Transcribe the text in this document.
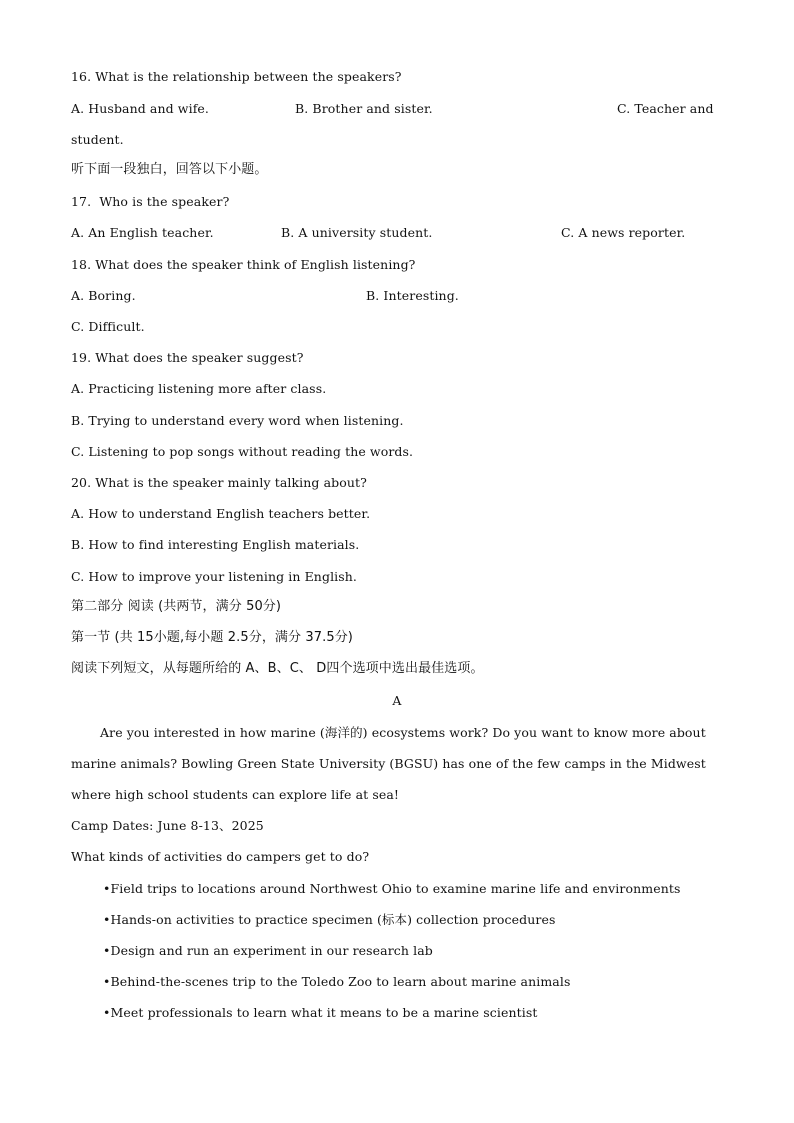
16. What is the relationship between the speakers?
A. Husband and wife.	B. Brother and sister.	C. Teacher and
student.
听下面一段独白，回答以下小题。
17.  Who is the speaker?
A. An English teacher.	B. A university student.	C. A news reporter.
18. What does the speaker think of English listening?
A. Boring.	B. Interesting.
C. Difficult.
19. What does the speaker suggest?
A. Practicing listening more after class.
B. Trying to understand every word when listening.
C. Listening to pop songs without reading the words.
20. What is the speaker mainly talking about?
A. How to understand English teachers better.
B. How to find interesting English materials.
C. How to improve your listening in English.
第二部分 阅读 (共两节，满分 50分)
第一节 (共 15小题,每小题 2.5分，满分 37.5分)
阅读下列短文，从每题所给的 A、B、C、 D四个选项中选出最佳选项。
A
Are you interested in how marine (海洋的) ecosystems work? Do you want to know more about
marine animals? Bowling Green State University (BGSU) has one of the few camps in the Midwest
where high school students can explore life at sea!
Camp Dates: June 8-13、2025
What kinds of activities do campers get to do?
•Field trips to locations around Northwest Ohio to examine marine life and environments
•Hands-on activities to practice specimen (标本) collection procedures
•Design and run an experiment in our research lab
•Behind-the-scenes trip to the Toledo Zoo to learn about marine animals
•Meet professionals to learn what it means to be a marine scientist
